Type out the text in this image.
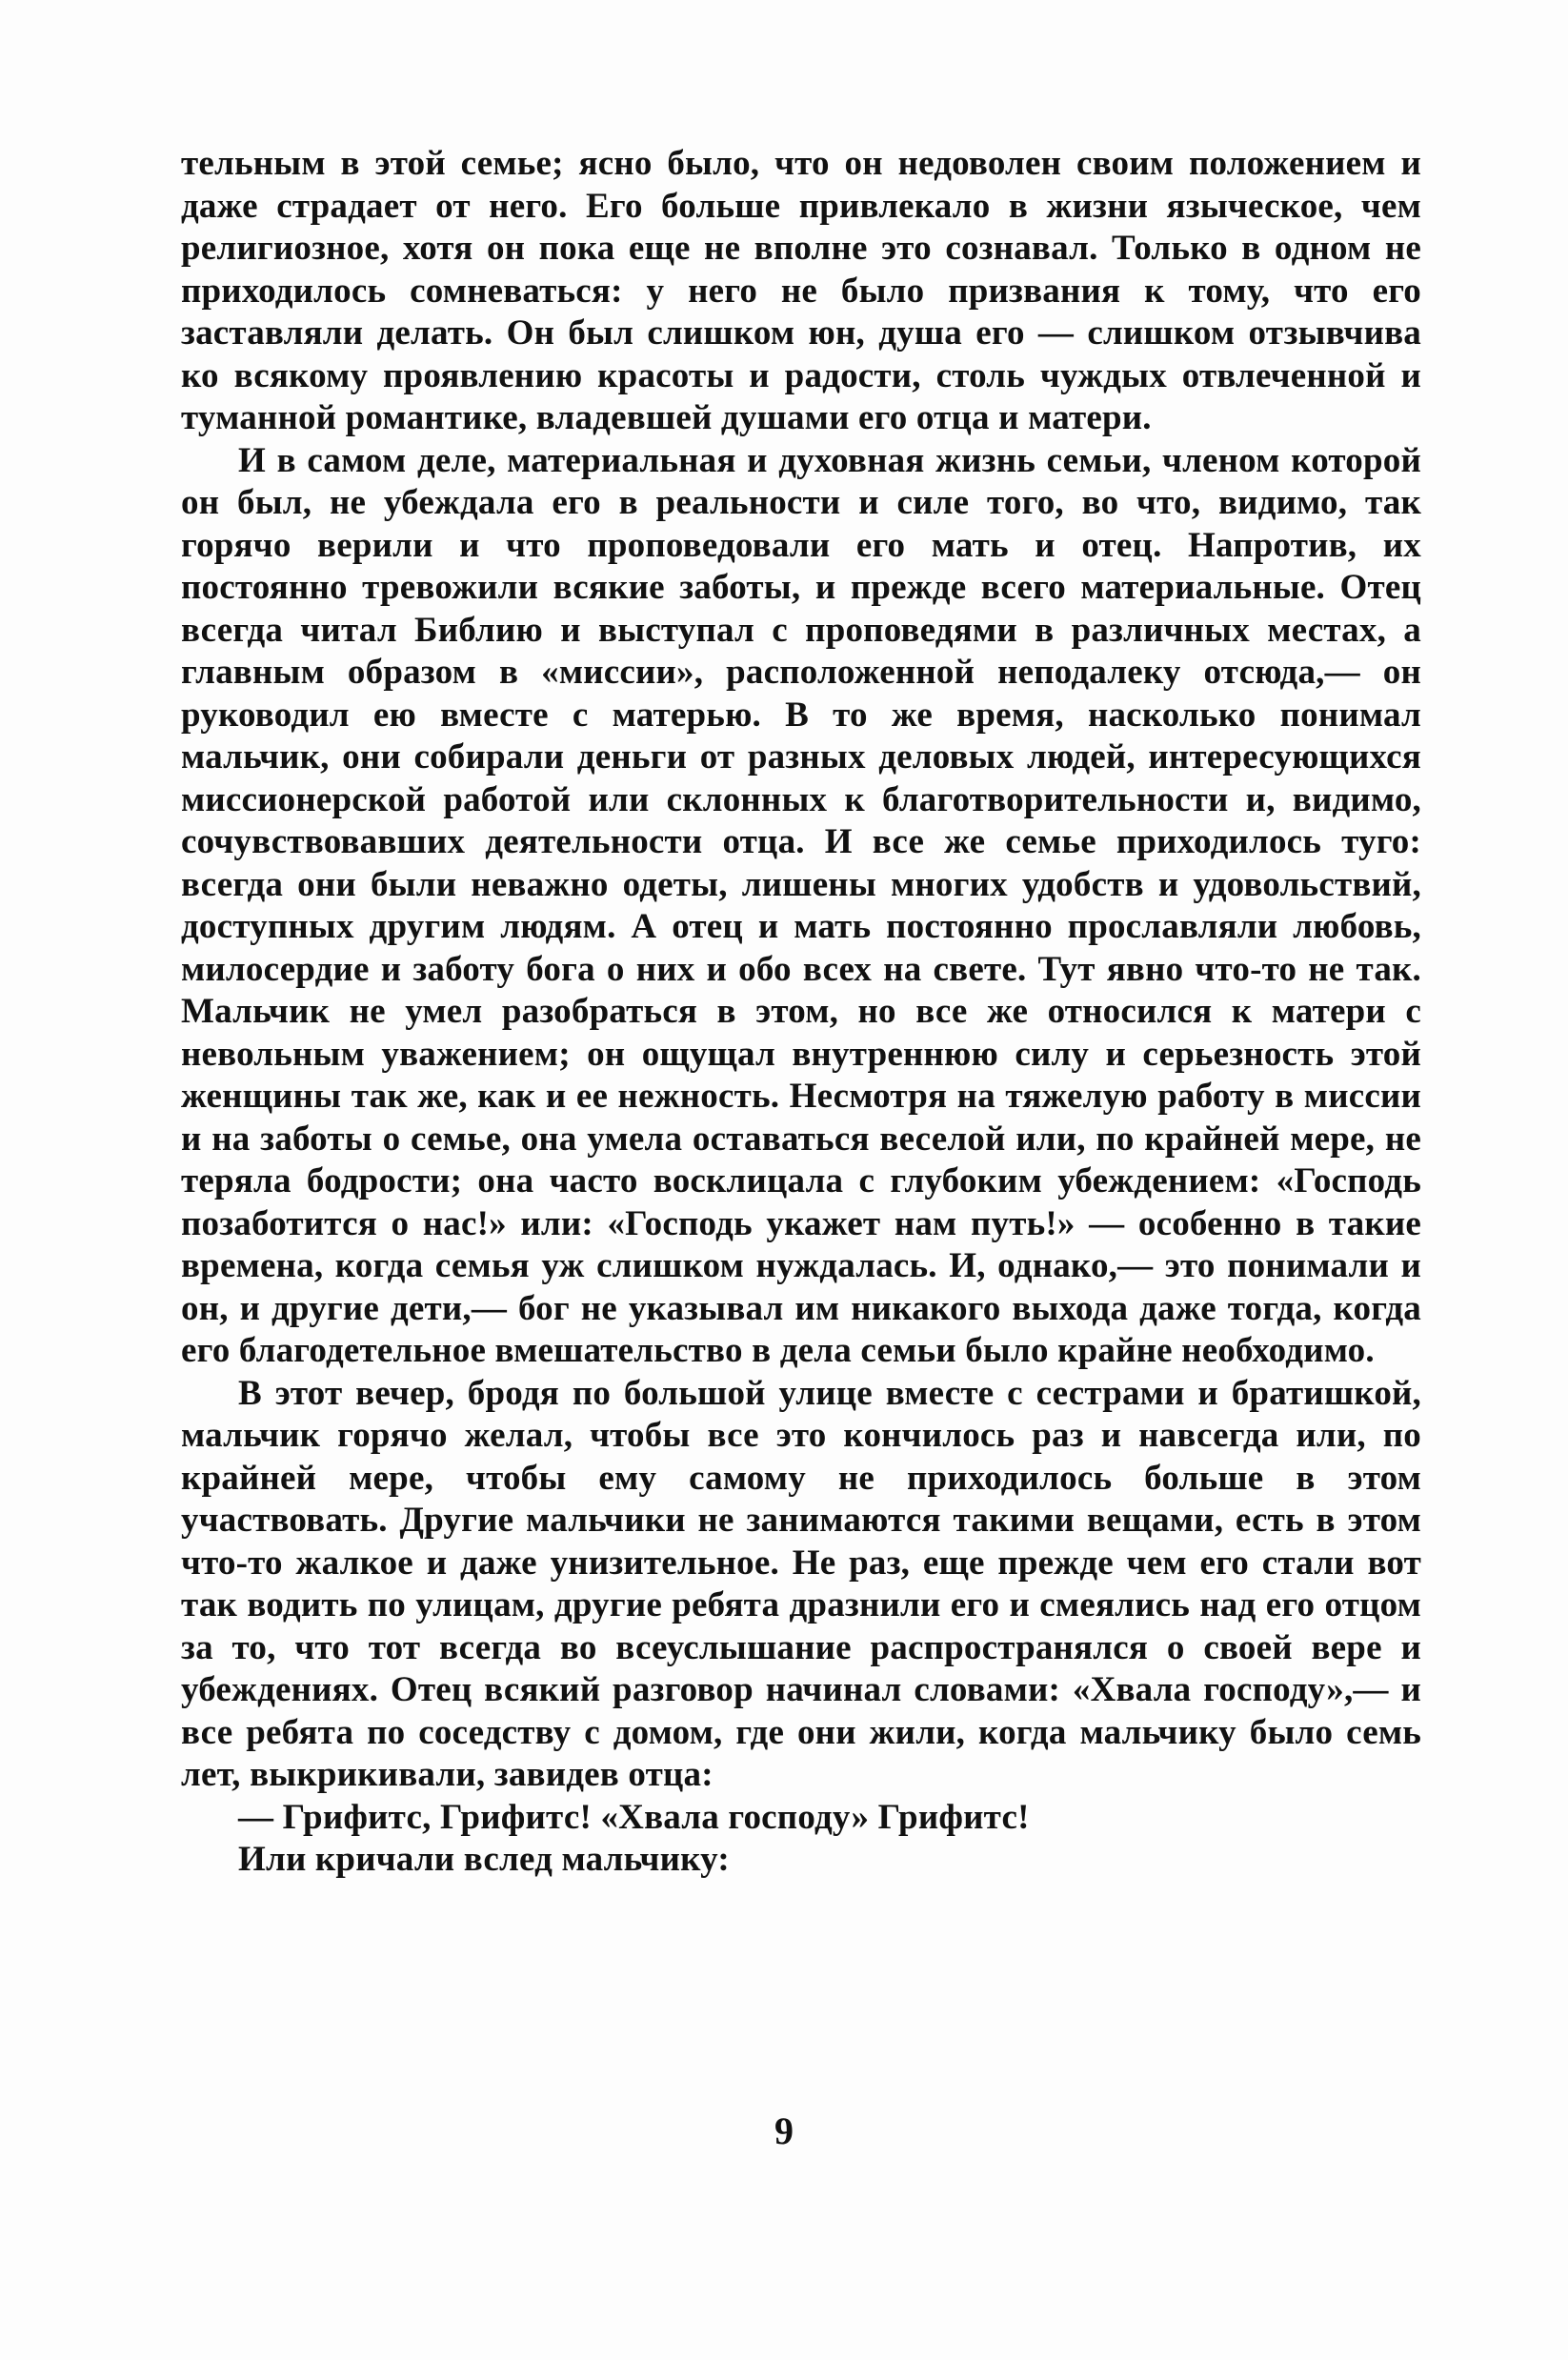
тельным в этой семье; ясно было, что он недоволен своим положением и даже страдает от него. Его больше привлекало в жизни языческое, чем религиозное, хотя он пока еще не вполне это сознавал. Только в одном не приходилось сомневаться: у него не было призвания к тому, что его заставляли делать. Он был слишком юн, душа его — слишком отзывчива ко всякому проявлению красоты и радости, столь чуждых отвлеченной и туманной романтике, владевшей душами его отца и матери.

И в самом деле, материальная и духовная жизнь семьи, членом которой он был, не убеждала его в реальности и силе того, во что, видимо, так горячо верили и что проповедовали его мать и отец. Напротив, их постоянно тревожили всякие заботы, и прежде всего материальные. Отец всегда читал Библию и выступал с проповедями в различных местах, а главным образом в «миссии», расположенной неподалеку отсюда,— он руководил ею вместе с матерью. В то же время, насколько понимал мальчик, они собирали деньги от разных деловых людей, интересующихся миссионерской работой или склонных к благотворительности и, видимо, сочувствовавших деятельности отца. И все же семье приходилось туго: всегда они были неважно одеты, лишены многих удобств и удовольствий, доступных другим людям. А отец и мать постоянно прославляли любовь, милосердие и заботу бога о них и обо всех на свете. Тут явно что-то не так. Мальчик не умел разобраться в этом, но все же относился к матери с невольным уважением; он ощущал внутреннюю силу и серьезность этой женщины так же, как и ее нежность. Несмотря на тяжелую работу в миссии и на заботы о семье, она умела оставаться веселой или, по крайней мере, не теряла бодрости; она часто восклицала с глубоким убеждением: «Господь позаботится о нас!» или: «Господь укажет нам путь!» — особенно в такие времена, когда семья уж слишком нуждалась. И, однако,— это понимали и он, и другие дети,— бог не указывал им никакого выхода даже тогда, когда его благодетельное вмешательство в дела семьи было крайне необходимо.

В этот вечер, бродя по большой улице вместе с сестрами и братишкой, мальчик горячо желал, чтобы все это кончилось раз и навсегда или, по крайней мере, чтобы ему самому не приходилось больше в этом участвовать. Другие мальчики не занимаются такими вещами, есть в этом что-то жалкое и даже унизительное. Не раз, еще прежде чем его стали вот так водить по улицам, другие ребята дразнили его и смеялись над его отцом за то, что тот всегда во всеуслышание распространялся о своей вере и убеждениях. Отец всякий разговор начинал словами: «Хвала господу»,— и все ребята по соседству с домом, где они жили, когда мальчику было семь лет, выкрикивали, завидев отца:

— Грифитс, Грифитс! «Хвала господу» Грифитс!

Или кричали вслед мальчику:

9
